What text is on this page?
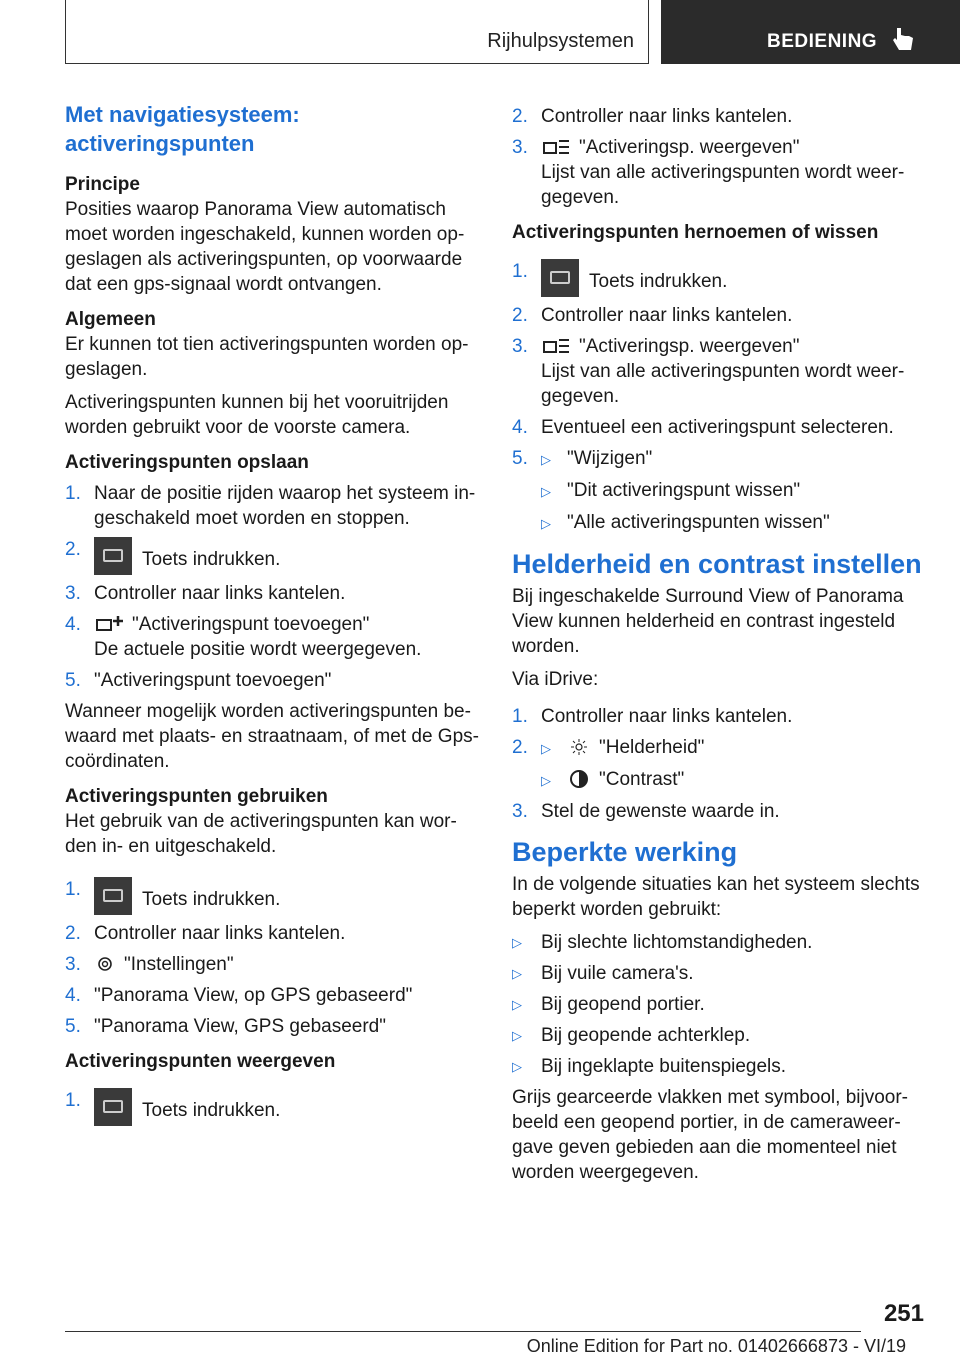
Rijhulpsystemen	BEDIENING
Met navigatiesysteem: activeringspunten
Principe

Posities waarop Panorama View automatisch moet worden ingeschakeld, kunnen worden opgeslagen als activeringspunten, op voorwaarde dat een gps-signaal wordt ontvangen.

Algemeen

Er kunnen tot tien activeringspunten worden opgeslagen.

Activeringspunten kunnen bij het vooruitrijden worden gebruikt voor de voorste camera.

Activeringspunten opslaan
1. Naar de positie rijden waarop het systeem ingeschakeld moet worden en stoppen.
2.	Toets indrukken.
3. Controller naar links kantelen.
4.	"Activeringspunt toevoegen"
De actuele positie wordt weergegeven.
5. "Activeringspunt toevoegen"

Wanneer mogelijk worden activeringspunten bewaard met plaats- en straatnaam, of met de Gps-coördinaten.

Activeringspunten gebruiken

Het gebruik van de activeringspunten kan worden in- en uitgeschakeld.

1.	Toets indrukken.
2. Controller naar links kantelen.
3. "Instellingen"
4. "Panorama View, op GPS gebaseerd"
5. "Panorama View, GPS gebaseerd"
Activeringspunten weergeven
1.	Toets indrukken.
2. Controller naar links kantelen.
3.	"Activeringsp. weergeven"
Lijst van alle activeringspunten wordt weergegeven.
Activeringspunten hernoemen of wissen
1.	Toets indrukken.
2. Controller naar links kantelen.
3.	"Activeringsp. weergeven"
Lijst van alle activeringspunten wordt weergegeven.
4. Eventueel een activeringspunt selecteren.
5. ▷ "Wijzigen"
▷ "Dit activeringspunt wissen"
▷ "Alle activeringspunten wissen"
Helderheid en contrast instellen

Bij ingeschakelde Surround View of Panorama View kunnen helderheid en contrast ingesteld worden.

Via iDrive:

1. Controller naar links kantelen.
2. ▷	"Helderheid"
▷	"Contrast"
3. Stel de gewenste waarde in.
Beperkte werking

In de volgende situaties kan het systeem slechts beperkt worden gebruikt:

▷	Bij slechte lichtomstandigheden.
▷	Bij vuile camera's.
▷	Bij geopend portier.
▷	Bij geopende achterklep.
▷	Bij ingeklapte buitenspiegels.

Grijs gearceerde vlakken met symbool, bijvoorbeeld een geopend portier, in de cameraweergave geven gebieden aan die momenteel niet worden weergegeven.

251
Online Edition for Part no. 01402666873 - VI/19
